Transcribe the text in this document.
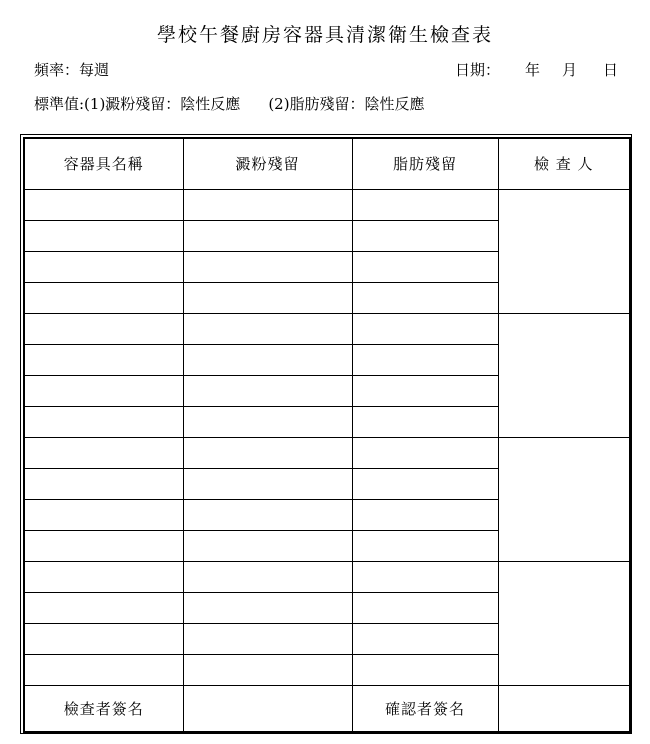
學校午餐廚房容器具清潔衛生檢查表
頻率：每週	日期： 年 月 日
標準值:(1)澱粉殘留：陰性反應 (2)脂肪殘留：陰性反應
容器具名稱	澱粉殘留	脂肪殘留	檢 查 人

檢查者簽名		確認者簽名	
